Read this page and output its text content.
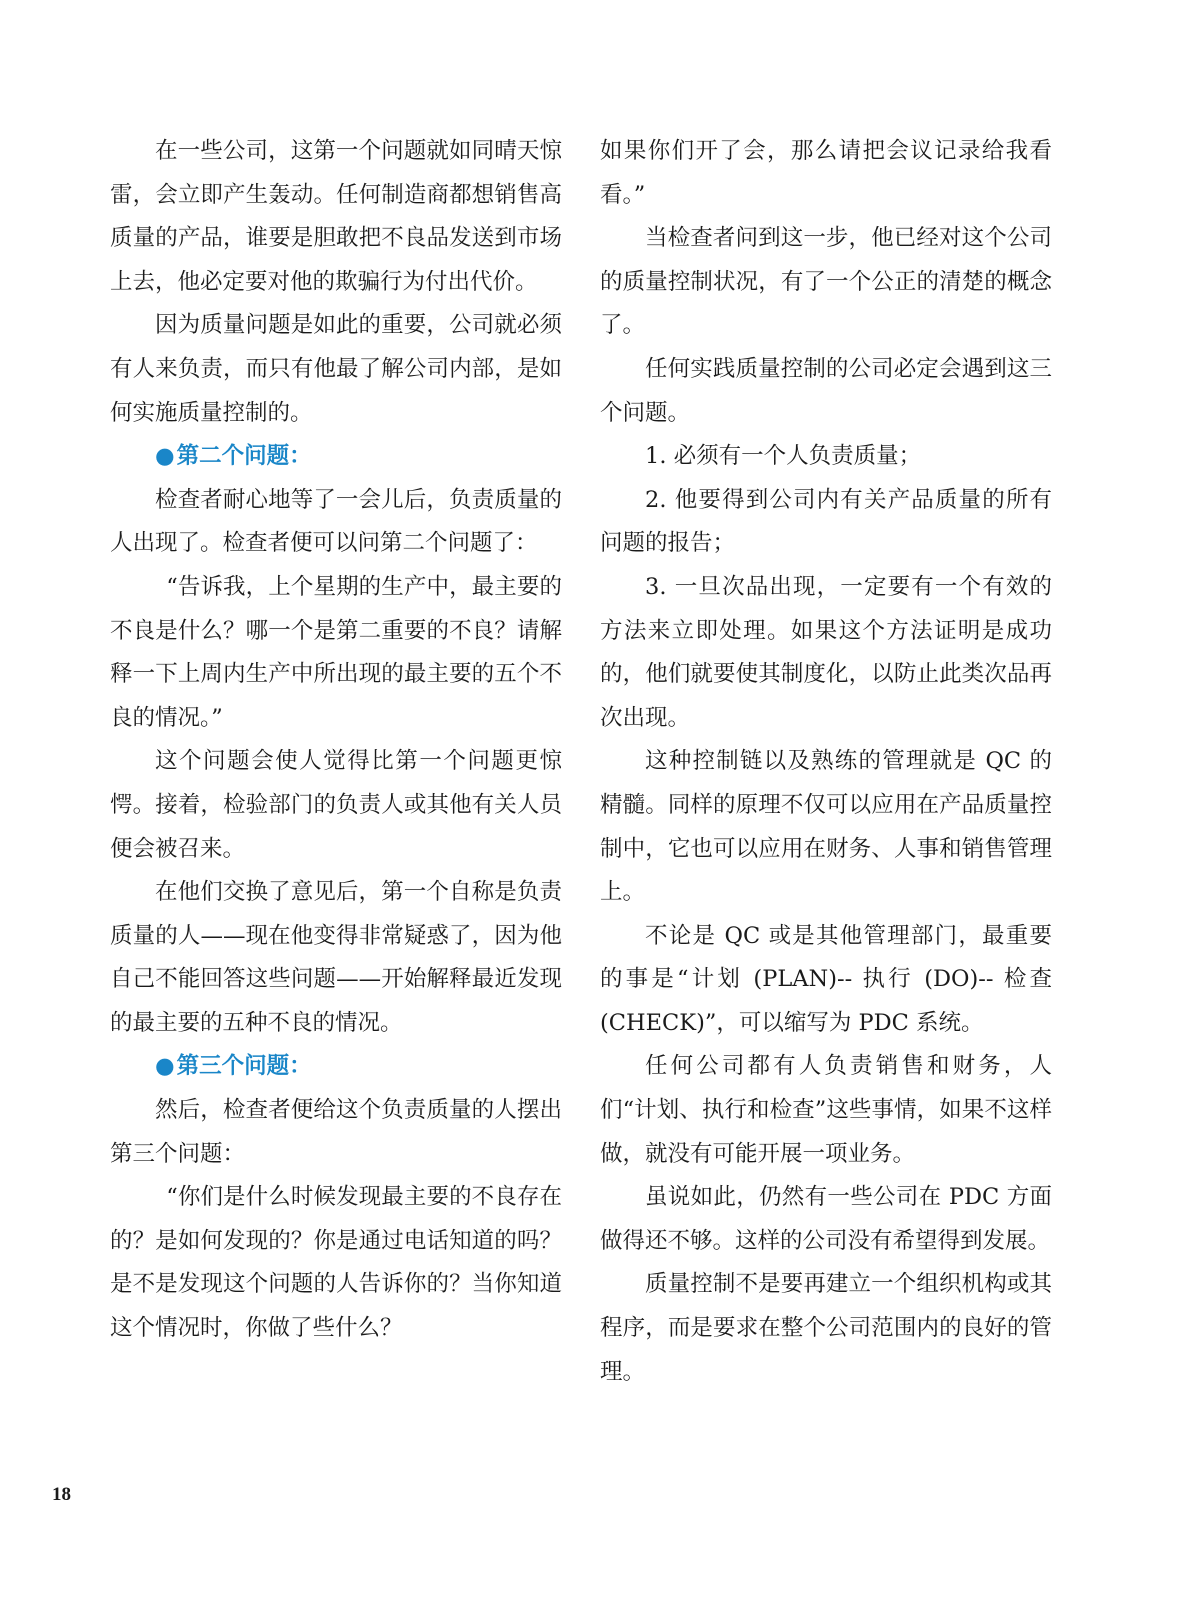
在一些公司，这第一个问题就如同晴天惊雷，会立即产生轰动。任何制造商都想销售高质量的产品，谁要是胆敢把不良品发送到市场上去，他必定要对他的欺骗行为付出代价。

因为质量问题是如此的重要，公司就必须有人来负责，而只有他最了解公司内部，是如何实施质量控制的。

●第二个问题：

检查者耐心地等了一会儿后，负责质量的人出现了。检查者便可以问第二个问题了：

“告诉我，上个星期的生产中，最主要的不良是什么？哪一个是第二重要的不良？请解释一下上周内生产中所出现的最主要的五个不良的情况。”

这个问题会使人觉得比第一个问题更惊愕。接着，检验部门的负责人或其他有关人员便会被召来。

在他们交换了意见后，第一个自称是负责质量的人——现在他变得非常疑惑了，因为他自己不能回答这些问题——开始解释最近发现的最主要的五种不良的情况。

●第三个问题：

然后，检查者便给这个负责质量的人摆出第三个问题：

“你们是什么时候发现最主要的不良存在的？是如何发现的？你是通过电话知道的吗？是不是发现这个问题的人告诉你的？当你知道这个情况时，你做了些什么？

如果你们开了会，那么请把会议记录给我看看。”

当检查者问到这一步，他已经对这个公司的质量控制状况，有了一个公正的清楚的概念了。

任何实践质量控制的公司必定会遇到这三个问题。

1. 必须有一个人负责质量；

2. 他要得到公司内有关产品质量的所有问题的报告；

3. 一旦次品出现，一定要有一个有效的方法来立即处理。如果这个方法证明是成功的，他们就要使其制度化，以防止此类次品再次出现。

这种控制链以及熟练的管理就是 QC 的精髓。同样的原理不仅可以应用在产品质量控制中，它也可以应用在财务、人事和销售管理上。

不论是 QC 或是其他管理部门，最重要的事是“计划 (PLAN)-- 执行 (DO)-- 检查 (CHECK)”，可以缩写为 PDC 系统。

任何公司都有人负责销售和财务，人们“计划、执行和检查”这些事情，如果不这样做，就没有可能开展一项业务。

虽说如此，仍然有一些公司在 PDC 方面做得还不够。这样的公司没有希望得到发展。

质量控制不是要再建立一个组织机构或其程序，而是要求在整个公司范围内的良好的管理。

18
